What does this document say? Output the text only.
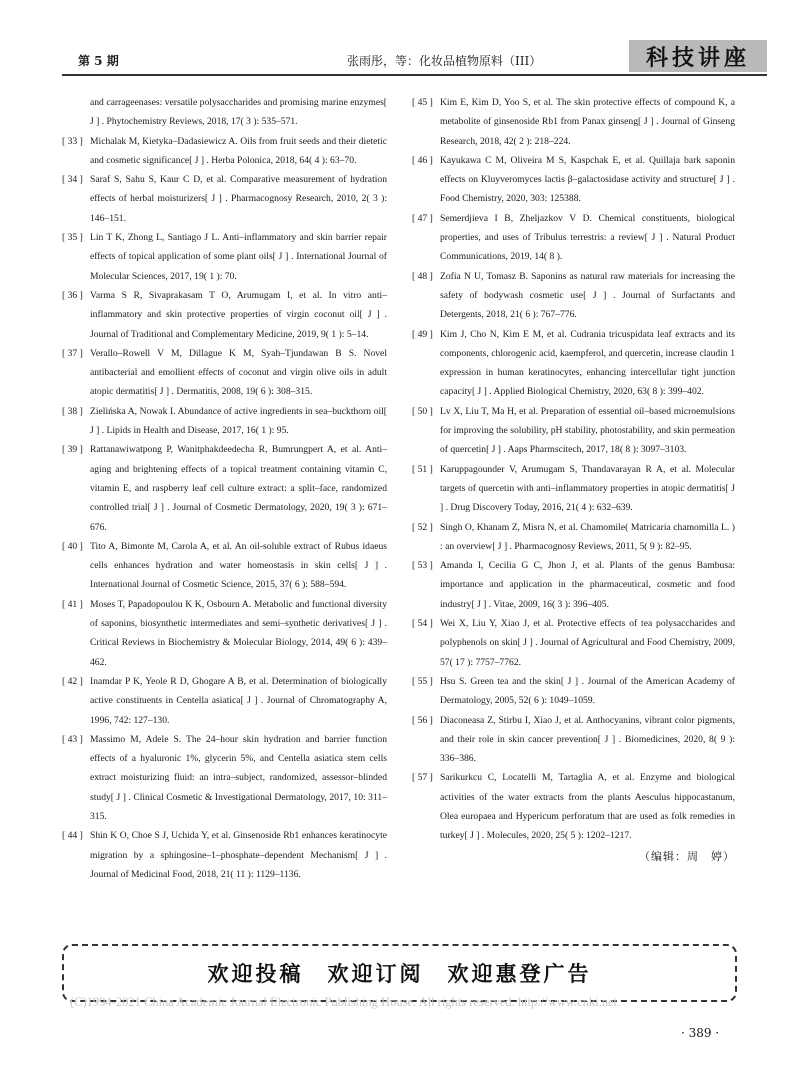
第 5 期	张雨彤，等：化妆品植物原料（III）	科技讲座
and carrageenases: versatile polysaccharides and promising marine enzymes[ J ] . Phytochemistry Reviews, 2018, 17( 3 ): 535–571.
[ 33 ] Michalak M, Kietyka–Dadasiewicz A. Oils from fruit seeds and their dietetic and cosmetic significance[ J ] . Herba Polonica, 2018, 64( 4 ): 63–70.
[ 34 ] Saraf S, Sahu S, Kaur C D, et al. Comparative measurement of hydration effects of herbal moisturizers[ J ] . Pharmacognosy Research, 2010, 2( 3 ): 146–151.
[ 35 ] Lin T K, Zhong L, Santiago J L. Anti–inflammatory and skin barrier repair effects of topical application of some plant oils[ J ] . International Journal of Molecular Sciences, 2017, 19( 1 ): 70.
[ 36 ] Varma S R, Sivaprakasam T O, Arumugam I, et al. In vitro anti–inflammatory and skin protective properties of virgin coconut oil[ J ] . Journal of Traditional and Complementary Medicine, 2019, 9( 1 ): 5–14.
[ 37 ] Verallo–Rowell V M, Dillague K M, Syah–Tjundawan B S. Novel antibacterial and emollient effects of coconut and virgin olive oils in adult atopic dermatitis[ J ] . Dermatitis, 2008, 19( 6 ): 308–315.
[ 38 ] Zielińska A, Nowak I. Abundance of active ingredients in sea–buckthorn oil[ J ] . Lipids in Health and Disease, 2017, 16( 1 ): 95.
[ 39 ] Rattanawiwatpong P, Wanitphakdeedecha R, Bumrungpert A, et al. Anti–aging and brightening effects of a topical treatment containing vitamin C, vitamin E, and raspberry leaf cell culture extract: a split–face, randomized controlled trial[ J ] . Journal of Cosmetic Dermatology, 2020, 19( 3 ): 671–676.
[ 40 ] Tito A, Bimonte M, Carola A, et al. An oil-soluble extract of Rubus idaeus cells enhances hydration and water homeostasis in skin cells[ J ] . International Journal of Cosmetic Science, 2015, 37( 6 ): 588–594.
[ 41 ] Moses T, Papadopoulou K K, Osbourn A. Metabolic and functional diversity of saponins, biosynthetic intermediates and semi–synthetic derivatives[ J ] . Critical Reviews in Biochemistry & Molecular Biology, 2014, 49( 6 ): 439–462.
[ 42 ] Inamdar P K, Yeole R D, Ghogare A B, et al. Determination of biologically active constituents in Centella asiatica[ J ] . Journal of Chromatography A, 1996, 742: 127–130.
[ 43 ] Massimo M, Adele S. The 24–hour skin hydration and barrier function effects of a hyaluronic 1%, glycerin 5%, and Centella asiatica stem cells extract moisturizing fluid: an intra–subject, randomized, assessor–blinded study[ J ] . Clinical Cosmetic & Investigational Dermatology, 2017, 10: 311–315.
[ 44 ] Shin K O, Choe S J, Uchida Y, et al. Ginsenoside Rb1 enhances keratinocyte migration by a sphingosine–1–phosphate–dependent Mechanism[ J ] . Journal of Medicinal Food, 2018, 21( 11 ): 1129–1136.
[ 45 ] Kim E, Kim D, Yoo S, et al. The skin protective effects of compound K, a metabolite of ginsenoside Rb1 from Panax ginseng[ J ] . Journal of Ginseng Research, 2018, 42( 2 ): 218–224.
[ 46 ] Kayukawa C M, Oliveira M S, Kaspchak E, et al. Quillaja bark saponin effects on Kluyveromyces lactis β–galactosidase activity and structure[ J ] . Food Chemistry, 2020, 303: 125388.
[ 47 ] Semerdjieva I B, Zheljazkov V D. Chemical constituents, biological properties, and uses of Tribulus terrestris: a review[ J ] . Natural Product Communications, 2019, 14( 8 ).
[ 48 ] Zofia N U, Tomasz B. Saponins as natural raw materials for increasing the safety of bodywash cosmetic use[ J ] . Journal of Surfactants and Detergents, 2018, 21( 6 ): 767–776.
[ 49 ] Kim J, Cho N, Kim E M, et al. Cudrania tricuspidata leaf extracts and its components, chlorogenic acid, kaempferol, and quercetin, increase claudin 1 expression in human keratinocytes, enhancing intercellular tight junction capacity[ J ] . Applied Biological Chemistry, 2020, 63( 8 ): 399–402.
[ 50 ] Lv X, Liu T, Ma H, et al. Preparation of essential oil–based microemulsions for improving the solubility, pH stability, photostability, and skin permeation of quercetin[ J ] . Aaps Pharmscitech, 2017, 18( 8 ): 3097–3103.
[ 51 ] Karuppagounder V, Arumugam S, Thandavarayan R A, et al. Molecular targets of quercetin with anti–inflammatory properties in atopic dermatitis[ J ] . Drug Discovery Today, 2016, 21( 4 ): 632–639.
[ 52 ] Singh O, Khanam Z, Misra N, et al. Chamomile( Matricaria chamomilla L. ) : an overview[ J ] . Pharmacognosy Reviews, 2011, 5( 9 ): 82–95.
[ 53 ] Amanda I, Cecilia G C, Jhon J, et al. Plants of the genus Bambusa: importance and application in the pharmaceutical, cosmetic and food industry[ J ] . Vitae, 2009, 16( 3 ): 396–405.
[ 54 ] Wei X, Liu Y, Xiao J, et al. Protective effects of tea polysaccharides and polyphenols on skin[ J ] . Journal of Agricultural and Food Chemistry, 2009, 57( 17 ): 7757–7762.
[ 55 ] Hsu S. Green tea and the skin[ J ] . Journal of the American Academy of Dermatology, 2005, 52( 6 ): 1049–1059.
[ 56 ] Diaconeasa Z, Stirbu I, Xiao J, et al. Anthocyanins, vibrant color pigments, and their role in skin cancer prevention[ J ] . Biomedicines, 2020, 8( 9 ): 336–386.
[ 57 ] Sarikurkcu C, Locatelli M, Tartaglia A, et al. Enzyme and biological activities of the water extracts from the plants Aesculus hippocastanum, Olea europaea and Hypericum perforatum that are used as folk remedies in turkey[ J ] . Molecules, 2020, 25( 5 ): 1202–1217.
（编辑：周　婷）
欢迎投稿　欢迎订阅　欢迎惠登广告
(C)1994-2021 China Academic Journal Electronic Publishing House. All rights reserved. http://www.cnki.net
· 389 ·
